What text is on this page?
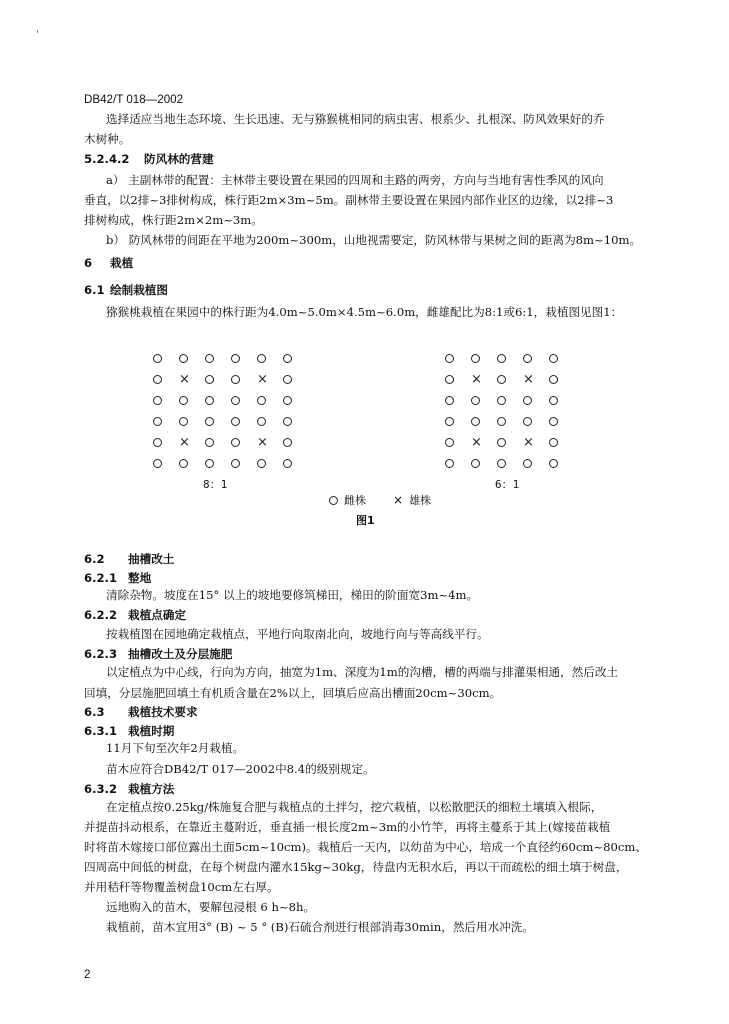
DB42/T 018—2002
选择适应当地生态环境、生长迅速、无与猕猴桃相同的病虫害、根系少、扎根深、防风效果好的乔
木树种。
5.2.4.2 防风林的营建
a） 主副林带的配置：主林带主要设置在果园的四周和主路的两旁，方向与当地有害性季风的风向
垂直，以2排~3排树构成，株行距2m×3m~5m。副林带主要设置在果园内部作业区的边缘，以2排~3
排树构成，株行距2m×2m~3m。
b） 防风林带的间距在平地为200m~300m，山地视需要定，防风林带与果树之间的距离为8m~10m。
6 栽植
6.1 绘制栽植图
猕猴桃栽植在果园中的株行距为4.0m~5.0m×4.5m~6.0m，雌雄配比为8:1或6:1，栽植图见图1：
×	×
×	×
×	×
×	×
8：1	6：1
雌株 × 雄株
图1
6.2 抽槽改土
6.2.1 整地
清除杂物。坡度在15° 以上的坡地要修筑梯田，梯田的阶面宽3m~4m。
6.2.2 栽植点确定
按栽植图在园地确定栽植点，平地行向取南北向，坡地行向与等高线平行。
6.2.3 抽槽改土及分层施肥
以定植点为中心线，行向为方向，抽宽为1m、深度为1m的沟槽，槽的两端与排灌渠相通，然后改土
回填，分层施肥回填土有机质含量在2%以上，回填后应高出槽面20cm~30cm。
6.3 栽植技术要求
6.3.1 栽植时期
11月下旬至次年2月栽植。
苗木应符合DB42/T 017—2002中8.4的级别规定。
6.3.2 栽植方法
在定植点按0.25kg/株施复合肥与栽植点的土拌匀，挖穴栽植，以松散肥沃的细粒土壤填入根际，
并提苗抖动根系，在靠近主蔓附近，垂直插一根长度2m~3m的小竹竿，再将主蔓系于其上(嫁接苗栽植
时将苗木嫁接口部位露出土面5cm~10cm)。栽植后一天内，以幼苗为中心，培成一个直径约60cm~80cm、
四周高中间低的树盘，在每个树盘内灌水15kg~30kg，待盘内无积水后，再以干而疏松的细土填于树盘，
并用秸秆等物覆盖树盘10cm左右厚。
远地购入的苗木，要解包浸根 6 h~8h。
栽植前，苗木宜用3° (B) ~ 5 ° (B)石硫合剂进行根部消毒30min，然后用水冲洗。
2
